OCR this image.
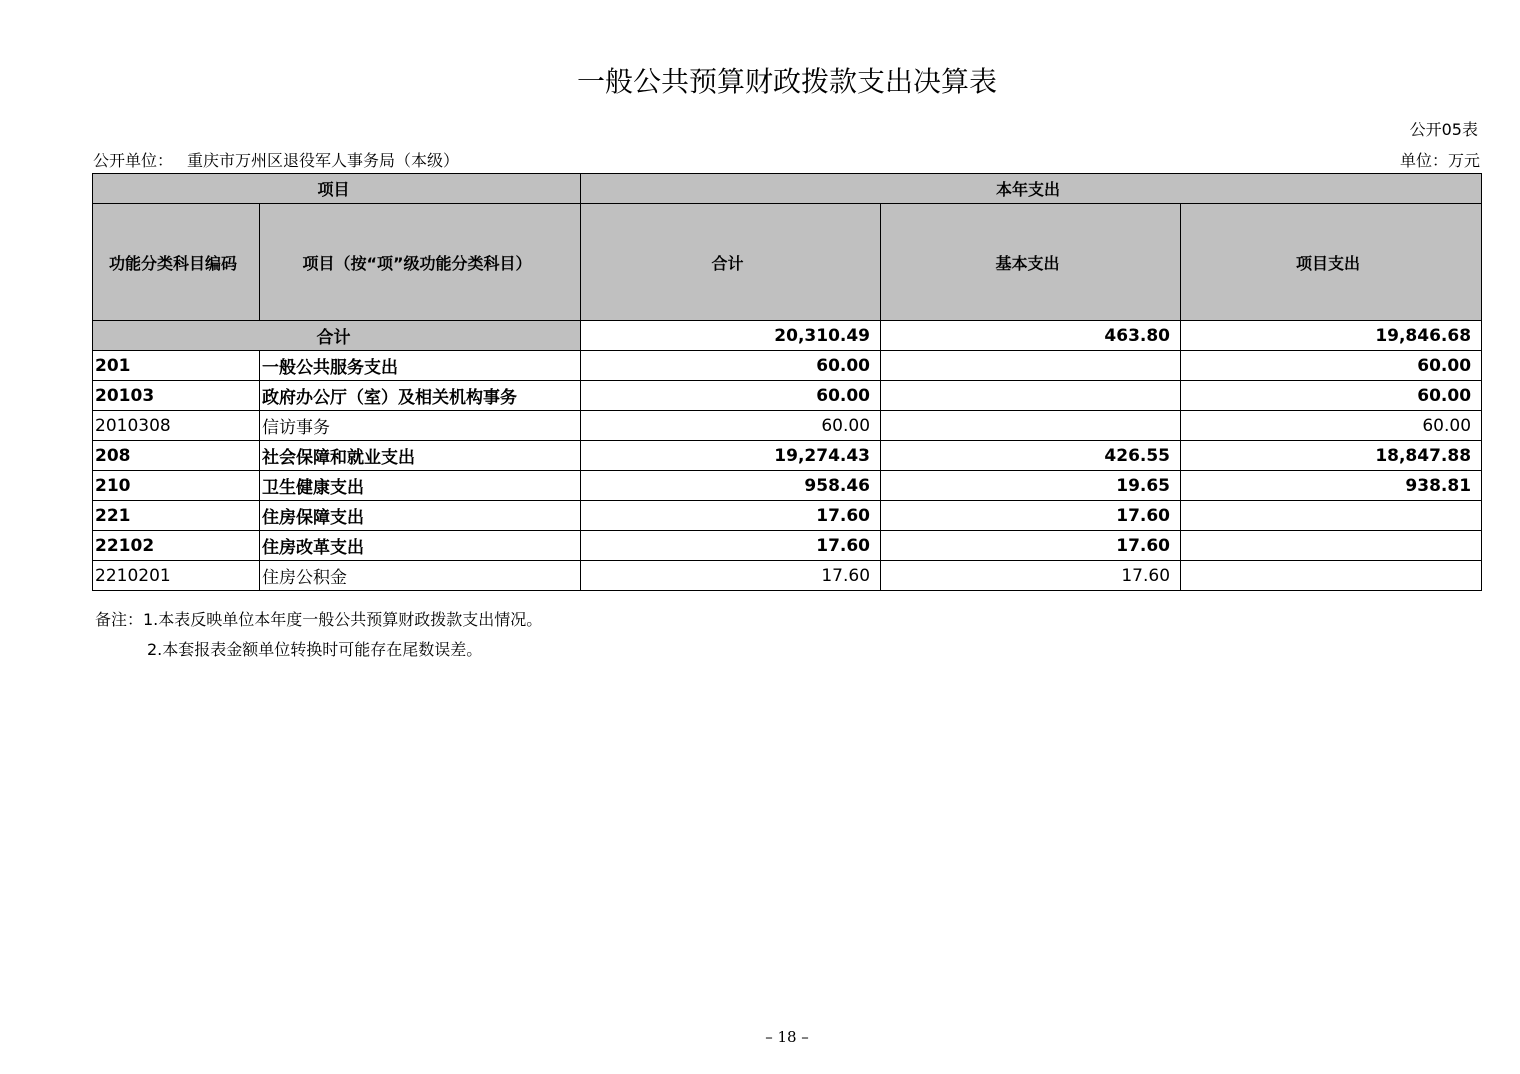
一般公共预算财政拨款支出决算表
公开05表
公开单位： 重庆市万州区退役军人事务局（本级）	单位：万元
项目		本年支出		
功能分类科目编码	项目（按“项”级功能分类科目）	合计	基本支出	项目支出
合计		20,310.49	463.80	19,846.68
201	一般公共服务支出	60.00		60.00
20103	政府办公厅（室）及相关机构事务	60.00		60.00
2010308	信访事务	60.00		60.00
208	社会保障和就业支出	19,274.43	426.55	18,847.88
210	卫生健康支出	958.46	19.65	938.81
221	住房保障支出	17.60	17.60	
22102	住房改革支出	17.60	17.60	
2210201	住房公积金	17.60	17.60	
备注：1.本表反映单位本年度一般公共预算财政拨款支出情况。
2.本套报表金额单位转换时可能存在尾数误差。
– 18 –
